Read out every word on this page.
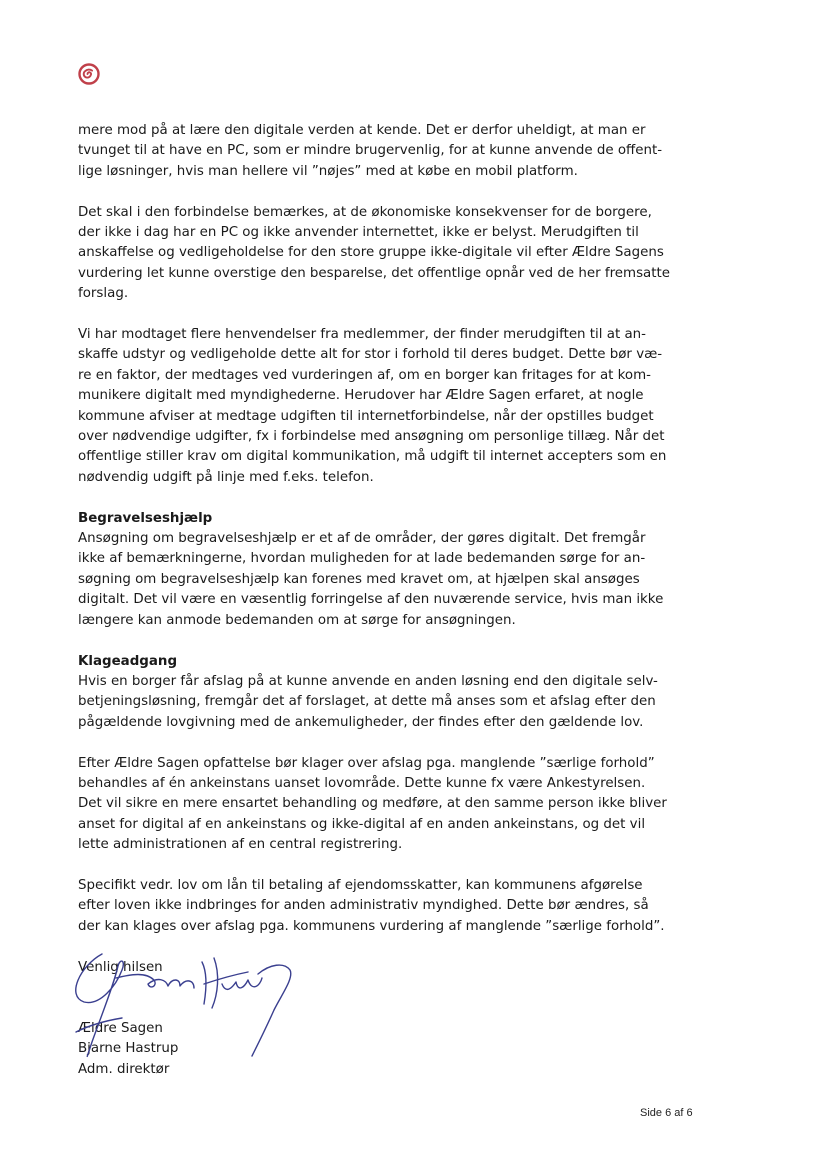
mere mod på at lære den digitale verden at kende. Det er derfor uheldigt, at man er
tvunget til at have en PC, som er mindre brugervenlig, for at kunne anvende de offent-
lige løsninger, hvis man hellere vil ”nøjes” med at købe en mobil platform.

Det skal i den forbindelse bemærkes, at de økonomiske konsekvenser for de borgere,
der ikke i dag har en PC og ikke anvender internettet, ikke er belyst. Merudgiften til
anskaffelse og vedligeholdelse for den store gruppe ikke-digitale vil efter Ældre Sagens
vurdering let kunne overstige den besparelse, det offentlige opnår ved de her fremsatte
forslag.

Vi har modtaget flere henvendelser fra medlemmer, der finder merudgiften til at an-
skaffe udstyr og vedligeholde dette alt for stor i forhold til deres budget. Dette bør væ-
re en faktor, der medtages ved vurderingen af, om en borger kan fritages for at kom-
munikere digitalt med myndighederne. Herudover har Ældre Sagen erfaret, at nogle
kommune afviser at medtage udgiften til internetforbindelse, når der opstilles budget
over nødvendige udgifter, fx i forbindelse med ansøgning om personlige tillæg. Når det
offentlige stiller krav om digital kommunikation, må udgift til internet accepters som en
nødvendig udgift på linje med f.eks. telefon.

Begravelseshjælp

Ansøgning om begravelseshjælp er et af de områder, der gøres digitalt. Det fremgår
ikke af bemærkningerne, hvordan muligheden for at lade bedemanden sørge for an-
søgning om begravelseshjælp kan forenes med kravet om, at hjælpen skal ansøges
digitalt. Det vil være en væsentlig forringelse af den nuværende service, hvis man ikke
længere kan anmode bedemanden om at sørge for ansøgningen.

Klageadgang

Hvis en borger får afslag på at kunne anvende en anden løsning end den digitale selv-
betjeningsløsning, fremgår det af forslaget, at dette må anses som et afslag efter den
pågældende lovgivning med de ankemuligheder, der findes efter den gældende lov.

Efter Ældre Sagen opfattelse bør klager over afslag pga. manglende ”særlige forhold”
behandles af én ankeinstans uanset lovområde. Dette kunne fx være Ankestyrelsen.
Det vil sikre en mere ensartet behandling og medføre, at den samme person ikke bliver
anset for digital af en ankeinstans og ikke-digital af en anden ankeinstans, og det vil
lette administrationen af en central registrering.

Specifikt vedr. lov om lån til betaling af ejendomsskatter, kan kommunens afgørelse
efter loven ikke indbringes for anden administrativ myndighed. Dette bør ændres, så
der kan klages over afslag pga. kommunens vurdering af manglende ”særlige forhold”.

Venlig hilsen
Ældre Sagen
Bjarne Hastrup
Adm. direktør
Side 6 af 6
